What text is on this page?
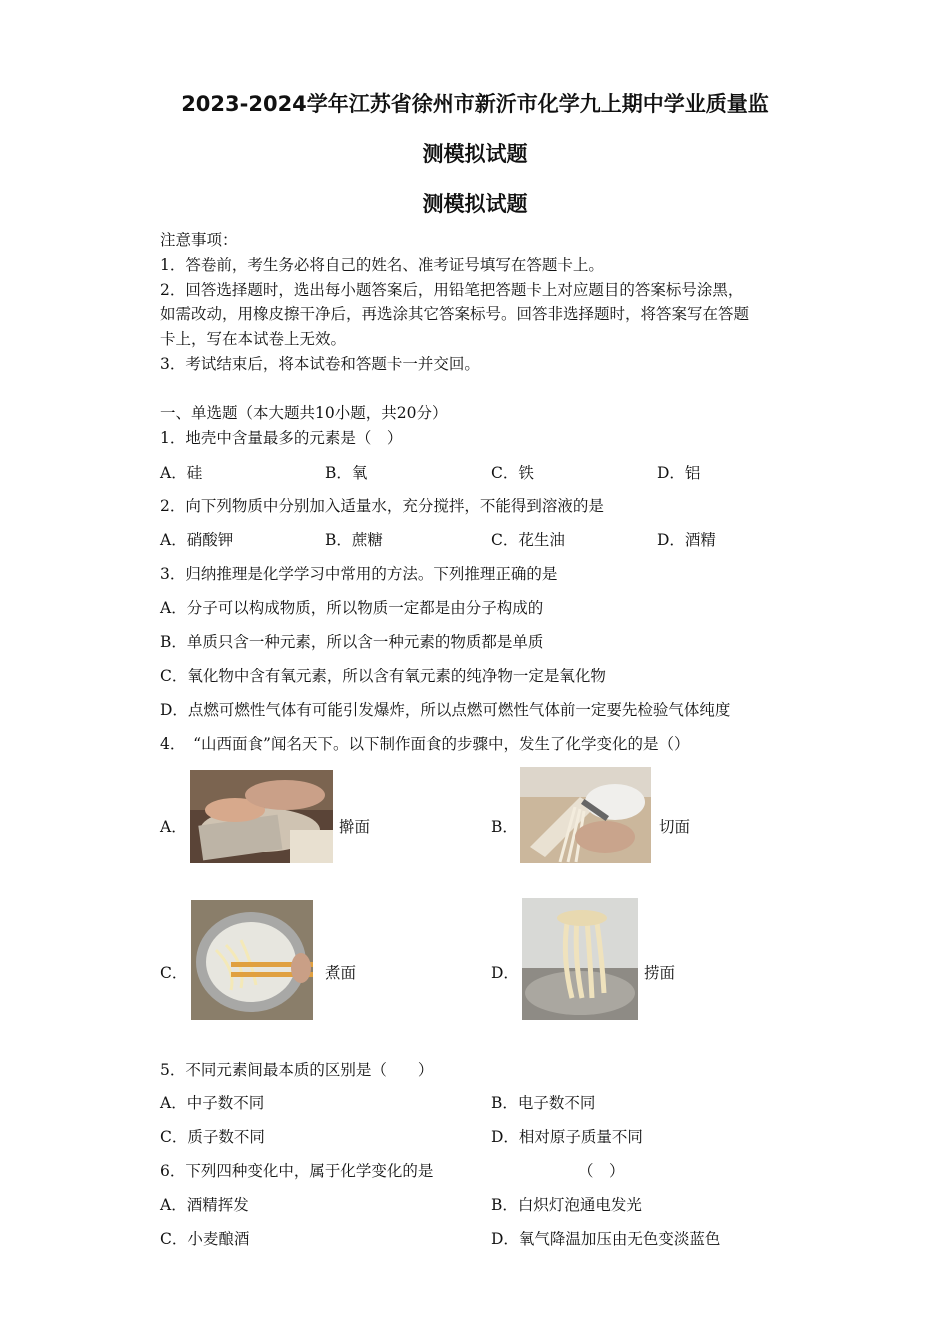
2023-2024学年江苏省徐州市新沂市化学九上期中学业质量监
测模拟试题
测模拟试题
注意事项：
1．答卷前，考生务必将自己的姓名、准考证号填写在答题卡上。
2．回答选择题时，选出每小题答案后，用铅笔把答题卡上对应题目的答案标号涂黑，
如需改动，用橡皮擦干净后，再选涂其它答案标号。回答非选择题时，将答案写在答题
卡上，写在本试卷上无效。
3．考试结束后，将本试卷和答题卡一并交回。
一、单选题（本大题共10小题，共20分）
1．地壳中含量最多的元素是（　）
A．硅	B．氧	C．铁	D．铝
2．向下列物质中分别加入适量水，充分搅拌，不能得到溶液的是
A．硝酸钾	B．蔗糖	C．花生油	D．酒精
3．归纳推理是化学学习中常用的方法。下列推理正确的是
A．分子可以构成物质，所以物质一定都是由分子构成的
B．单质只含一种元素，所以含一种元素的物质都是单质
C．氧化物中含有氧元素，所以含有氧元素的纯净物一定是氧化物
D．点燃可燃性气体有可能引发爆炸，所以点燃可燃性气体前一定要先检验气体纯度
4．　“山西面食”闻名天下。以下制作面食的步骤中，发生了化学变化的是（）
A．	擀面	B．	切面
C．	煮面	D．	捞面
5．不同元素间最本质的区别是（　　）
A．中子数不同	B．电子数不同
C．质子数不同	D．相对原子质量不同
6．下列四种变化中，属于化学变化的是	（　）
A．酒精挥发	B．白炽灯泡通电发光
C．小麦酿酒	D．氧气降温加压由无色变淡蓝色
